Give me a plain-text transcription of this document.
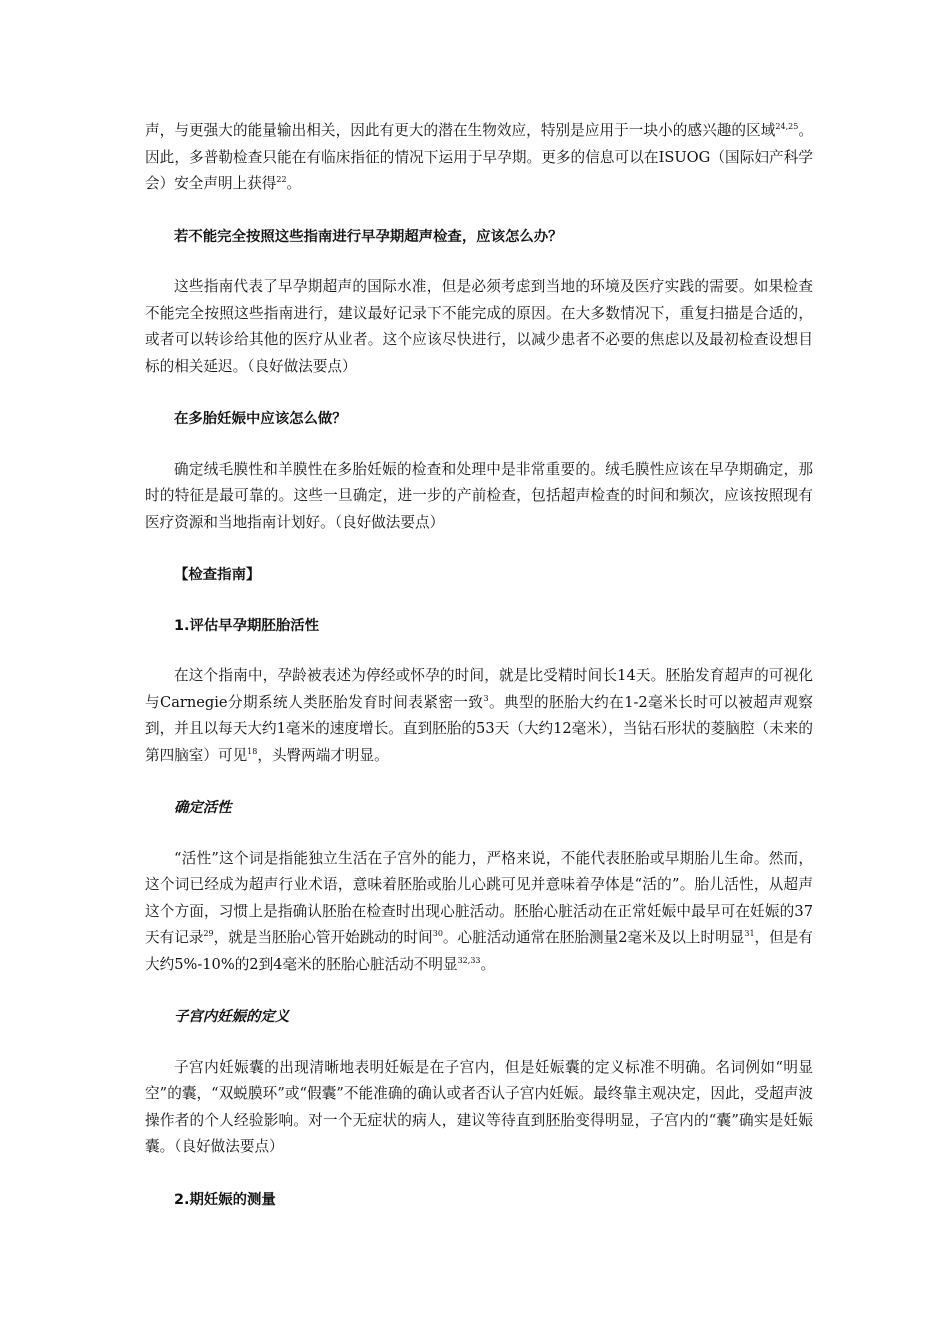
声，与更强大的能量输出相关，因此有更大的潜在生物效应，特别是应用于一块小的感兴趣的区域$^{24,25}$。因此，多普勒检查只能在有临床指征的情况下运用于早孕期。更多的信息可以在ISUOG（国际妇产科学会）安全声明上获得$^{22}$。

若不能完全按照这些指南进行早孕期超声检查，应该怎么办？

这些指南代表了早孕期超声的国际水准，但是必须考虑到当地的环境及医疗实践的需要。如果检查不能完全按照这些指南进行，建议最好记录下不能完成的原因。在大多数情况下，重复扫描是合适的，或者可以转诊给其他的医疗从业者。这个应该尽快进行，以减少患者不必要的焦虑以及最初检查设想目标的相关延迟。（良好做法要点）

在多胎妊娠中应该怎么做？

确定绒毛膜性和羊膜性在多胎妊娠的检查和处理中是非常重要的。绒毛膜性应该在早孕期确定，那时的特征是最可靠的。这些一旦确定，进一步的产前检查，包括超声检查的时间和频次，应该按照现有医疗资源和当地指南计划好。（良好做法要点）

【检查指南】

1.评估早孕期胚胎活性

在这个指南中，孕龄被表述为停经或怀孕的时间，就是比受精时间长14天。胚胎发育超声的可视化与Carnegie分期系统人类胚胎发育时间表紧密一致$^3$。典型的胚胎大约在1-2毫米长时可以被超声观察到，并且以每天大约1毫米的速度增长。直到胚胎的53天（大约12毫米），当钻石形状的菱脑腔（未来的第四脑室）可见$^{18}$，头臀两端才明显。

确定活性

“活性”这个词是指能独立生活在子宫外的能力，严格来说，不能代表胚胎或早期胎儿生命。然而，这个词已经成为超声行业术语，意味着胚胎或胎儿心跳可见并意味着孕体是“活的”。胎儿活性，从超声这个方面，习惯上是指确认胚胎在检查时出现心脏活动。胚胎心脏活动在正常妊娠中最早可在妊娠的37天有记录$^{29}$，就是当胚胎心管开始跳动的时间$^{30}$。心脏活动通常在胚胎测量2毫米及以上时明显$^{31}$，但是有大约5%-10%的2到4毫米的胚胎心脏活动不明显$^{32,33}$。

子宫内妊娠的定义

子宫内妊娠囊的出现清晰地表明妊娠是在子宫内，但是妊娠囊的定义标准不明确。名词例如“明显空”的囊，“双蜕膜环”或“假囊”不能准确的确认或者否认子宫内妊娠。最终靠主观决定，因此，受超声波操作者的个人经验影响。对一个无症状的病人，建议等待直到胚胎变得明显，子宫内的“囊”确实是妊娠囊。（良好做法要点）

2.期妊娠的测量
